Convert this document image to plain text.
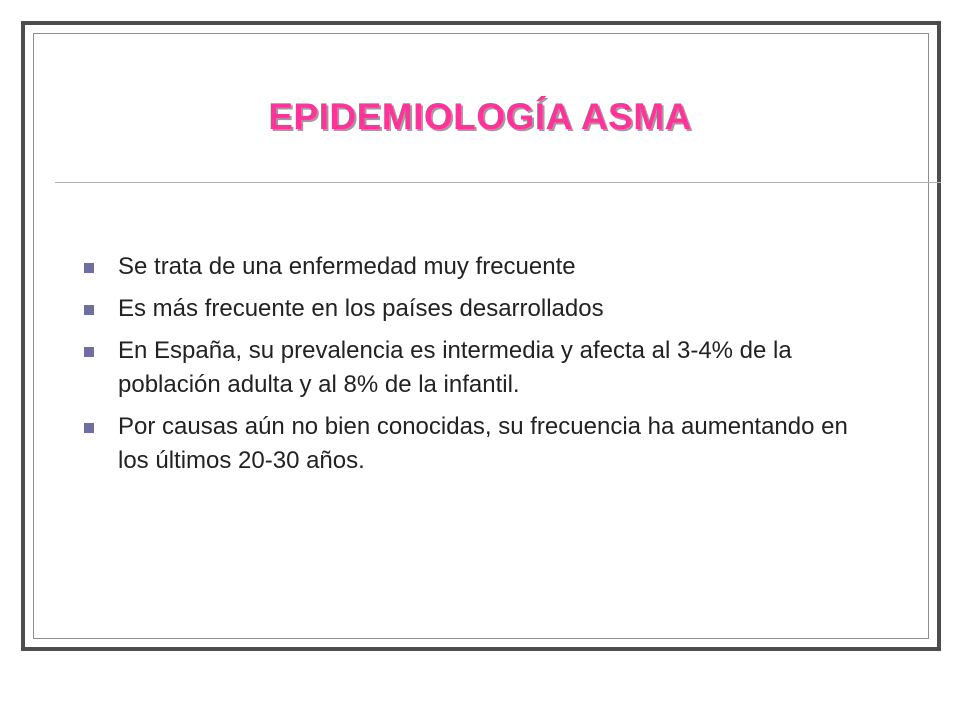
EPIDEMIOLOGÍA ASMA
Se trata de una enfermedad muy frecuente
Es más frecuente en los países desarrollados
En España, su prevalencia es intermedia y afecta al 3-4% de la población adulta y al 8% de la infantil.
Por causas aún no bien conocidas, su frecuencia ha aumentando en los últimos 20-30 años.
